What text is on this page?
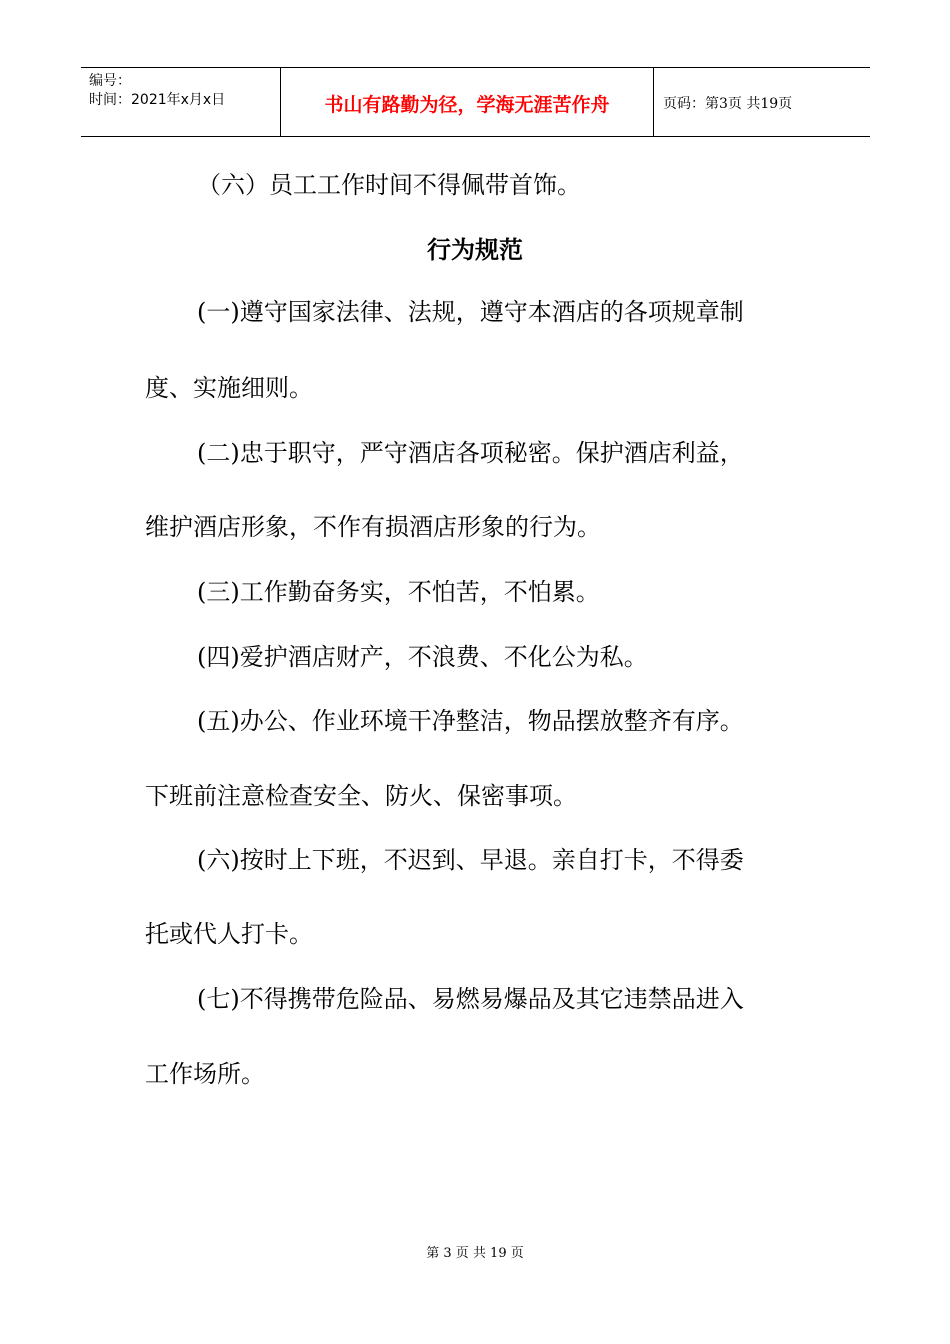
编号：
时间：2021年x月x日	书山有路勤为径，学海无涯苦作舟	页码：第3页 共19页
（六）员工工作时间不得佩带首饰。
行为规范
(一)遵守国家法律、法规，遵守本酒店的各项规章制
度、实施细则。
(二)忠于职守，严守酒店各项秘密。保护酒店利益，
维护酒店形象，不作有损酒店形象的行为。
(三)工作勤奋务实，不怕苦，不怕累。
(四)爱护酒店财产，不浪费、不化公为私。
(五)办公、作业环境干净整洁，物品摆放整齐有序。
下班前注意检查安全、防火、保密事项。
(六)按时上下班，不迟到、早退。亲自打卡，不得委
托或代人打卡。
(七)不得携带危险品、易燃易爆品及其它违禁品进入
工作场所。
第 3 页 共 19 页
